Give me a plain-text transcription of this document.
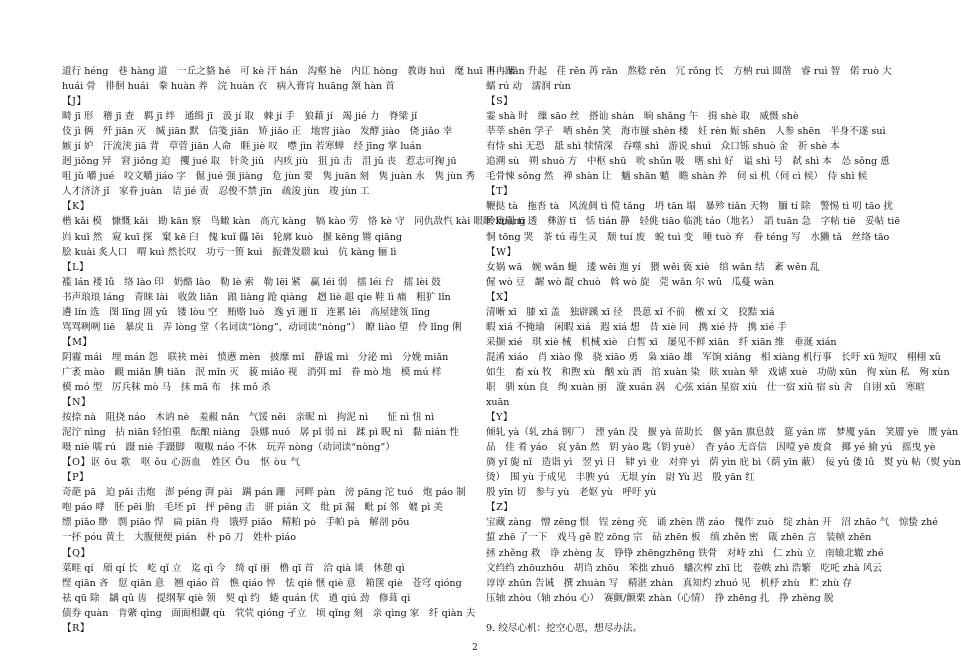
道行 héng　巷 hàng 道　一丘之貉 hé　可 kè 汗 hán　沟壑 hè　内讧 hòng　教诲 huì　麾 huī 下　踝
huái 骨　徘徊 huái　豢 huàn 养　浣 huàn 衣　病入膏肓 huāng 颔 hàn 首
【J】
畸 jī 形　稽 jī 查　羁 jī 绊　通缉 jī　汲 jí 取　棘 jí 手　狼藉 jí　竭 jié 力　脊梁 jǐ
伎 jì 俩　歼 jiān 灭　缄 jiān 默　信笺 jiān　矫 jiǎo 正　地窖 jiào　发酵 jiào　侥 jiǎo 幸
嫉 jí 妒　汗流浃 jiā 背　草菅 jiān 人命　睚 jiè 叹　噤 jìn 若寒蝉　经 jīng 掌 luán
迥 jiǒng 异　窘 jiǒng 迫　攫 jué 取　针灸 jiǔ　内疚 jiù　狙 jū 击　沮 jǔ 丧　惹志可掬 jū
咀 jǔ 嚼 jué　咬文嚼 jiáo 字　倔 jué 强 jiàng　危 jùn 要　隽 juān 刻　隽 juàn 永　隽 jùn 秀
人才济济 jǐ　家眷 juàn　诘 jié 责　忍俊不禁 jīn　疏浚 jùn　竣 jùn 工
【K】
楷 kǎi 模　慷慨 kǎi　勘 kān 察　鸟瞰 kàn　高亢 kàng　犒 kào 劳　恪 kè 守　同仇敌忾 kài 眼眶 kuàng
岿 kuī 然　窥 kuī 探　窠 kē 臼　傀 kuǐ 儡 lěi　轮廓 kuò　揠 kēng 锵 qiāng
脍 kuài 炙人口　喟 kuì 然长叹　功亏一篑 kuì　振聋发聩 kuì　伉 kàng 俪 lì
【L】
褴 lán 褛 lǚ　络 lào 印　奶酪 lào　勒 lè 索　勒 lēi 紧　赢 léi 弱　擂 léi 台　擂 lèi 鼓
书声琅琅 láng　青睐 lài　收敛 liǎn　踉 liàng 跄 qiàng　趔 liè 趄 qie 鞋 lì 痛　粗犷 lǐn
遴 lín 选　图 lǐng 圄 yǔ　镂 lòu 空　贿赂 luò　逸 yī 逦 lǐ　连累 lěi　高屋建瓴 lǐng
骂骂咧咧 liē　暴戾 lì　弄 lòng 堂（名词读“lòng”，动词读“nòng”）　瞭 liào 望　伶 lǐng 俐
【M】
阴霾 mái　埋 mán 怨　联袂 mèi　愤懑 mèn　披靡 mǐ　静谧 mì　分泌 mì　分娩 miǎn
广袤 mào　靦 miǎn 腆 tiǎn　泯 mǐn 灭　藐 miǎo 视　消弭 mǐ　眷 mò 地　模 mú 样
模 mó 型　厉兵秣 mò 马　抹 mā 布　抹 mǒ 杀
【N】
按捺 nà　阻挠 náo　木讷 nè　羞赧 nǎn　气馁 něi　亲昵 nì　拘泥 nì　　怔 nì 忸 nì
泥泞 nìng　拈 niān 轻怕重　酝酿 niàng　袅娜 nuó　孱 pǐ 弱 nì　蹂 pì 睨 nì　黏 nián 性
嗫 niè 嚅 rú　蹑 niè 手蹑脚　呶呶 náo 不休　玩弄 nòng（动词读“nòng”）
【O】讴 ōu 歌　呕 ǒu 心沥血　姓区 Ōu　怄 òu 气
【P】
奇葩 pā　迫 pǎi 击炮　澎 péng 湃 pài　蹒 pán 跚　河畔 pàn　滂 pāng 沱 tuó　炮 páo 制
咆 páo 哮　胚 pēi 胎　毛坯 pī　抨 pēng 击　骈 pián 文　纰 pī 漏　毗 pí 邻　媲 pì 美
缥 piǎo 缈　剽 piāo 悍　扁 piān 舟　饿殍 piǎo　精粕 pò　手帕 pà　解剖 pōu
一抔 póu 黄土　大腹便便 pián　朴 pō 刀　姓朴 piáo
【Q】
菜畦 qí　頎 qí 长　屹 qǐ 立　迄 qì 今　绮 qǐ 丽　橹 qī 首　洽 qià 谈　休憩 qì
悭 qiān 吝　愆 qiān 意　翘 qiáo 首　憔 qiáo 悴　怯 qiè 惬 qiè 意　箱箧 qiè　苍穹 qióng
祛 qū 除　龋 qǔ 齿　提纲挈 qiè 领　契 qì 约　蜷 quán 伏　遒 qiú 劲　修葺 qì
债券 quàn　肯綮 qìng　面面相觑 qù　茕茕 qióng 孑立　顷 qǐng 刻　亲 qìng 家　纤 qiàn 夫
【R】
冉冉 rǎn 升起　荏 rěn 苒 rǎn　熬稔 rěn　冗 rǒng 长　方枘 ruì 圆凿　睿 ruì 智　偌 ruò 大
蠕 rú 动　濡润 rùn
【S】
霎 shà 时　缫 sāo 丝　搭讪 shàn　晌 shǎng 午　揖 shè 取　威慑 shè
莘莘 shēn 学子　哂 shěn 笑　海市蜃 shèn 楼　妊 rèn 娠 shēn　人参 shēn　半身不遂 suì
有恃 shì 无恐　舐 shì 犊情深　吞噬 shì　游说 shuì　众口铄 shuò 金　祈 shè 本
追溯 sù　朔 shuò 方　中枢 shū　吮 shǔn 吸　嗜 shì 好　谥 shì 号　弑 shì 本　怂 sǒng 恿
毛骨悚 sǒng 然　禅 shàn 让　魑 shān 魈　瞻 shàn 养　伺 sì 机（伺 cì 候）　侍 shì 候
【T】
鞭挞 tà　拖沓 tà　风流倜 tì 傥 tǎng　坍 tān 塌　暴殄 tiǎn 天物　腼 tí 除　警惕 tì 叨 tāo 扰
玲珑剔 tī 透　彝游 tī　恬 tián 静　轻佻 tiāo 临洮 táo（地名）　謟 tuān 急　字帖 tiē　妥帖 tiē
恫 tōng 哭　茶 tú 毒生灵　颓 tuí 废　蜕 tuì 变　唾 tuò 弃　眷 téng 写　水獭 tǎ　丝络 tāo
【W】
女娲 wā　婉 wǎn 蜒　逶 wēi 迤 yí　猥 wěi 亵 xiè　绾 wǎn 结　紊 wěn 乱
偓 wò 豆　龌 wò 龊 chuò　斡 wò 旋　莞 wǎn 尔 wǔ　瓜蔓 wàn
【X】
清晰 xī　膝 xī 盖　独辟蹊 xī 径　畏葸 xǐ 不前　檄 xí 文　狡黠 xiá
暇 xiá 不掩瑜　闲暇 xiá　遐 xiá 想　昔 xiè 同　携 xié 持　携 xié 手
采撷 xié　琪 xiè 械　机械 xiè　白皙 xī　屡见不鲜 xiān　纤 xiān 维　垂涎 xián
混淆 xiáo　肖 xiào 像　骁 xiāo 勇　枭 xiāo 雄　军饷 xiǎng　相 xiàng 机行事　长吁 xū 短叹　栩栩 xǔ
如生　畜 xù 牧　和煦 xù　酗 xù 酒　涫 xuàn 染　眩 xuàn 晕　戏谑 xuè　功勋 xūn　徇 xùn 私　殉 xùn
职　驯 xùn 良　绚 xuàn 丽　漩 xuán 涡　心弦 xián 星宿 xiù　仕一宿 xiǔ 宿 sù 舍　自诩 xǔ　寒暄
xuān
【Y】
倾轧 yà（轧 zhá 钢厂）　湮 yān 没　揠 yà 苗助长　偃 yǎn 旗息鼓　筵 yán 席　梦魇 yǎn　笑靥 yè　赝 yàn
品　佳 肴 yáo　哀 yǎn 然　钥 yào 匙（钥 yuè）　杳 yǎo 无音信　因噎 yē 废食　揶 yé 揄 yú　摇曳 yè
旖 yǐ 旎 nǐ　造诣 yì　翌 yì 日　肄 yì 业　对弈 yì　荫 yìn 庇 bì（荫 yīn 蔽）　佞 yǔ 偻 lǚ　熨 yù 帖（熨 yùn
烫）　围 yù 于成见　丰腴 yú　无垠 yín　尉 Yù 迟　殷 yān 红
殷 yīn 切　参与 yù　老妪 yù　呼吁 yù
【Z】
宝藏 zàng　憎 zēng 恨　锃 zèng 亮　诵 zhèn 凿 záo　傀作 zuò　绽 zhàn 开　沼 zhǎo 气　惊蛰 zhé
蜇 zhē 了一下　戏马 gě 腔 zōng 宗　砧 zhēn 板　缜 zhěn 密　箴 zhēn 言　装帧 zhēn
拯 zhěng 救　诤 zhèng 友　铮铮 zhēngzhēng 铁骨　对峙 zhì　仁 zhù 立　南辕北辙 zhé
文绉绉 zhōuzhōu　胡诌 zhōu　笨拙 zhuō　蟠次榨 zhī 比　卷帙 zhì 浩繁　吃吒 zhà 风云
谆谆 zhūn 告诫　撰 zhuàn 写　精湛 zhàn　真知灼 zhuó 见　机杼 zhù　贮 zhù 存
压轴 zhòu（轴 zhóu 心）　赛颤/颤栗 zhàn（心情）　挣 zhēng 扎　挣 zhèng 脱
9. 绞尽心机：挖空心思，想尽办法。
2
